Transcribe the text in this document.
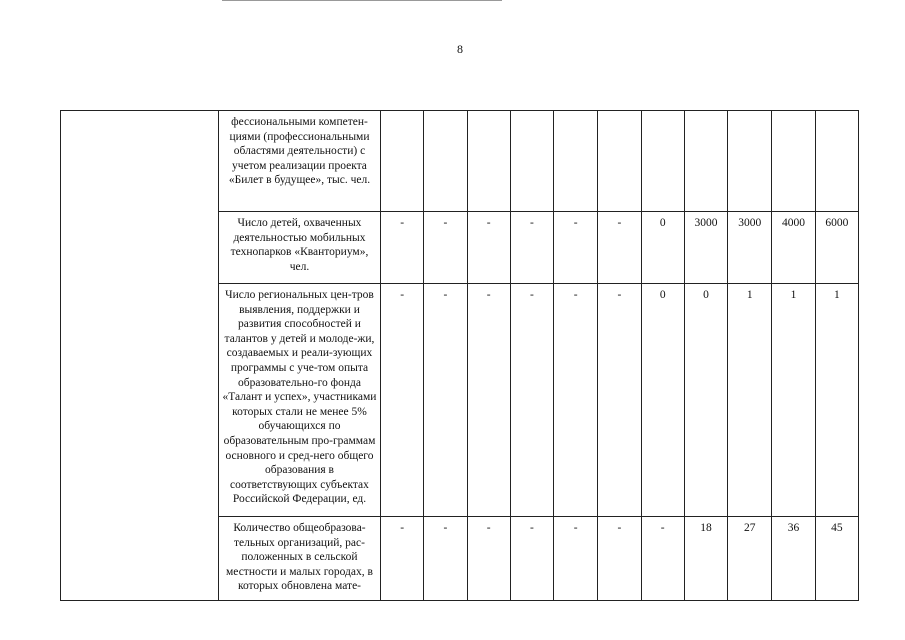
8
	фессиональными компетен-циями (профессиональными областями деятельности) с учетом реализации проекта «Билет в будущее», тыс. чел.											
	Число детей, охваченных деятельностью мобильных технопарков «Кванториум», чел.	-	-	-	-	-	-	0	3000	3000	4000	6000
	Число региональных цен-тров выявления, поддержки и развития способностей и талантов у детей и молоде-жи, создаваемых и реали-зующих программы с уче-том опыта образовательно-го фонда «Талант и успех», участниками которых стали не менее 5% обучающихся по образовательным про-граммам основного и сред-него общего образования в соответствующих субъектах Российской Федерации, ед.	-	-	-	-	-	-	0	0	1	1	1
	Количество общеобразова-тельных организаций, рас-положенных в сельской местности и малых городах, в которых обновлена мате-	-	-	-	-	-	-	-	18	27	36	45
